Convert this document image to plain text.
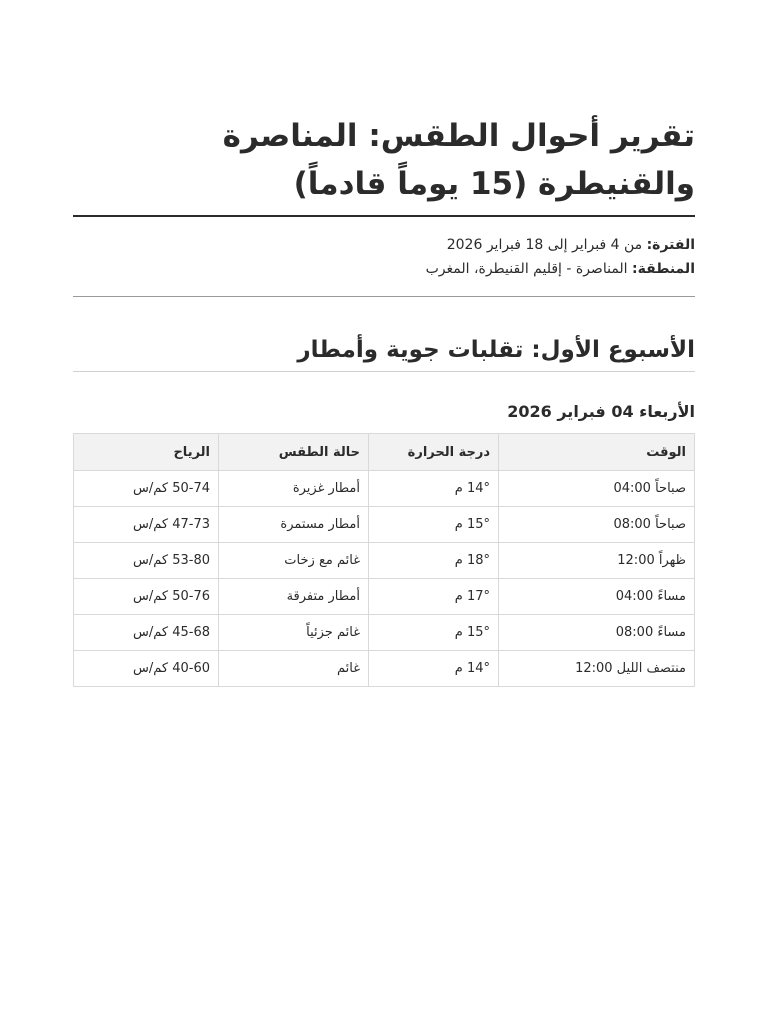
تقرير أحوال الطقس: المناصرة والقنيطرة (15 يوماً قادماً)
الفترة: من 4 فبراير إلى 18 فبراير 2026
المنطقة: المناصرة - إقليم القنيطرة، المغرب
الأسبوع الأول: تقلبات جوية وأمطار
الأربعاء 04 فبراير 2026
الوقت	درجة الحرارة	حالة الطقس	الرياح
صباحاً 04:00	14° م	أمطار غزيرة	50-74 كم/س
صباحاً 08:00	15° م	أمطار مستمرة	47-73 كم/س
ظهراً 12:00	18° م	غائم مع زخات	53-80 كم/س
مساءً 04:00	17° م	أمطار متفرقة	50-76 كم/س
مساءً 08:00	15° م	غائم جزئياً	45-68 كم/س
منتصف الليل 12:00	14° م	غائم	40-60 كم/س
